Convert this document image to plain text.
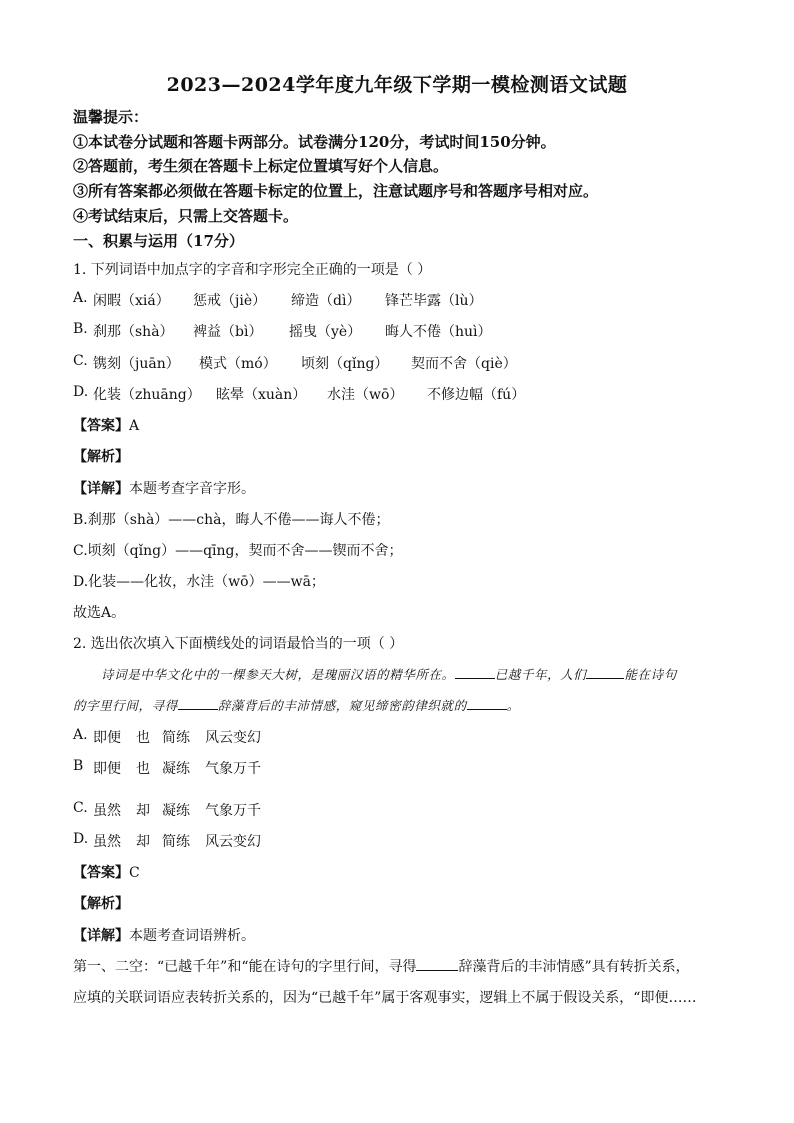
2023—2024学年度九年级下学期一模检测语文试题
温馨提示：
①本试卷分试题和答题卡两部分。试卷满分120分，考试时间150分钟。
②答题前，考生须在答题卡上标定位置填写好个人信息。
③所有答案都必须做在答题卡标定的位置上，注意试题序号和答题序号相对应。
④考试结束后，只需上交答题卡。
一、积累与运用（17分）
1. 下列词语中加点字的字音和字形完全正确的一项是（ ）
A. 闲暇（xiá） 惩戒（jiè） 缔造（dì） 锋芒毕露（lù）
B. 刹那（shà） 裨益（bì） 摇曳（yè） 晦人不倦（huì）
C. 镌刻（juān） 模式（mó） 顷刻（qǐng） 契而不舍（qiè）
D. 化装（zhuāng） 眩晕（xuàn） 水洼（wō） 不修边幅（fú）
【答案】A
【解析】
【详解】本题考查字音字形。
B.刹那（shà）——chà，晦人不倦——诲人不倦；
C.顷刻（qǐng）——qīng，契而不舍——锲而不舍；
D.化装——化妆，水洼（wō）——wā；
故选A。
2. 选出依次填入下面横线处的词语最恰当的一项（ ）
诗词是中华文化中的一棵参天大树，是瑰丽汉语的精华所在。	已越千年，人们	能在诗句
的字里行间，寻得	辞藻背后的丰沛情感，窥见缔密韵律织就的	。
A. 即便 也 简练 风云变幻
B 即便 也 凝练 气象万千
C. 虽然 却 凝练 气象万千
D. 虽然 却 简练 风云变幻
【答案】C
【解析】
【详解】本题考查词语辨析。
第一、二空：“已越千年”和“能在诗句的字里行间，寻得	辞藻背后的丰沛情感”具有转折关系，
应填的关联词语应表转折关系的，因为“已越千年”属于客观事实，逻辑上不属于假设关系，“即便……
